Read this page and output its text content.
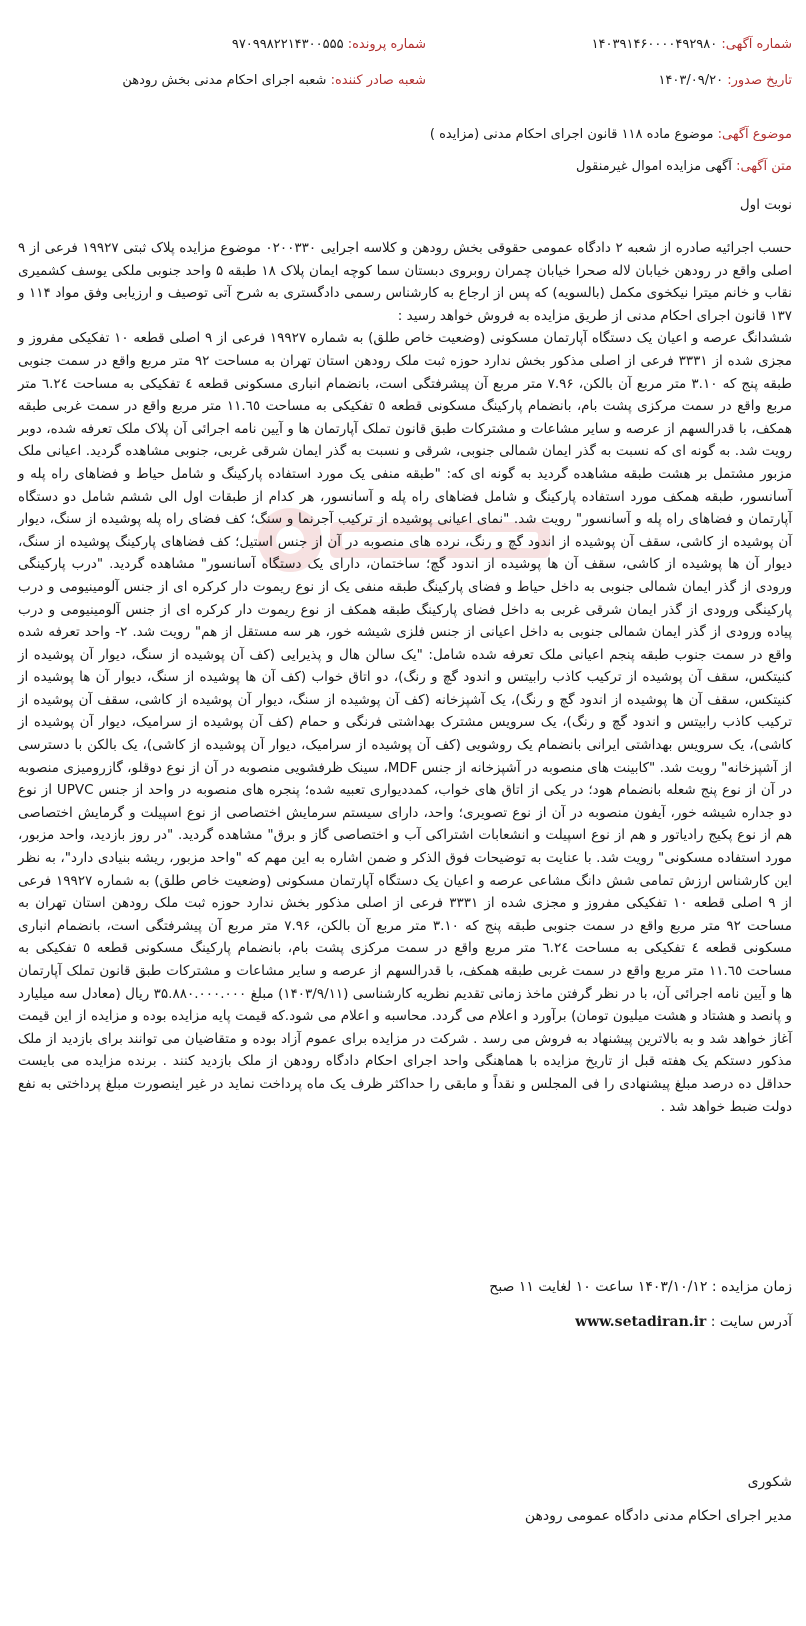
شماره آگهی: ۱۴۰۳۹۱۴۶۰۰۰۰۴۹۲۹۸۰
شماره پرونده: ۹۷۰۹۹۸۲۲۱۴۳۰۰۵۵۵
تاریخ صدور: ۱۴۰۳/۰۹/۲۰
شعبه صادر کننده: شعبه اجرای احکام مدنی بخش رودهن
موضوع آگهی: موضوع ماده ۱۱۸ قانون اجرای احکام مدنی (مزایده )
متن آگهی: آگهی مزایده اموال غیرمنقول
نوبت اول

حسب اجرائیه صادره از شعبه ۲ دادگاه عمومی حقوقی بخش رودهن و کلاسه اجرایی ۰۲۰۰۳۳۰ موضوع مزایده پلاک ثبتی ۱۹۹۲۷ فرعی از ۹ اصلی واقع در رودهن خیابان لاله صحرا خیابان چمران روبروی دبستان سما کوچه ایمان پلاک ۱۸ طبقه ۵ واحد جنوبی ملکی یوسف کشمیری نقاب و خانم میترا نیکخوی مکمل (بالسویه) که پس از ارجاع به کارشناس رسمی دادگستری به شرح آتی توصیف و ارزیابی وفق مواد ۱۱۴ و ۱۳۷ قانون اجرای احکام مدنی از طریق مزایده به فروش خواهد رسید :

ششدانگ عرصه و اعیان یک دستگاه آپارتمان مسکونی (وضعیت خاص طلق) به شماره ۱۹۹۲۷ فرعی از ۹ اصلی قطعه ۱۰ تفکیکی مفروز و مجزی شده از ۳۳۳۱ فرعی از اصلی مذکور بخش ندارد حوزه ثبت ملک رودهن استان تهران به مساحت ۹۲ متر مربع واقع در سمت جنوبی طبقه پنج که ۳.۱۰ متر مربع آن بالکن، ۷.۹۶ متر مربع آن پیشرفتگی است، بانضمام انباری مسکونی قطعه ٤ تفکیکی به مساحت ٦.۲٤ متر مربع واقع در سمت مرکزی پشت بام، بانضمام پارکینگ مسکونی قطعه ٥ تفکیکی به مساحت ۱۱.٦٥ متر مربع واقع در سمت غربی طبقه همکف، با قدرالسهم از عرصه و سایر مشاعات و مشترکات طبق قانون تملک آپارتمان ها و آیین نامه اجرائی آن پلاک ملک تعرفه شده، دوبر رویت شد. به گونه ای که نسبت به گذر ایمان شمالی جنوبی، شرقی و نسبت به گذر ایمان شرقی غربی، جنوبی مشاهده گردید. اعیانی ملک مزبور مشتمل بر هشت طبقه مشاهده گردید به گونه ای که: "طبقه منفی یک مورد استفاده پارکینگ و شامل حیاط و فضاهای راه پله و آسانسور، طبقه همکف مورد استفاده پارکینگ و شامل فضاهای راه پله و آسانسور، هر کدام از طبقات اول الی ششم شامل دو دستگاه آپارتمان و فضاهای راه پله و آسانسور" رویت شد. "نمای اعیانی پوشیده از ترکیب آجرنما و سنگ؛ کف فضای راه پله پوشیده از سنگ، دیوار آن پوشیده از کاشی، سقف آن پوشیده از اندود گچ و رنگ، نرده های منصوبه در آن از جنس استیل؛ کف فضاهای پارکینگ پوشیده از سنگ، دیوار آن ها پوشیده از کاشی، سقف آن ها پوشیده از اندود گچ؛ ساختمان، دارای یک دستگاه آسانسور" مشاهده گردید. "درب پارکینگی ورودی از گذر ایمان شمالی جنوبی به داخل حیاط و فضای پارکینگ طبقه منفی یک از نوع ریموت دار کرکره ای از جنس آلومینیومی و درب پارکینگی ورودی از گذر ایمان شرقی غربی به داخل فضای پارکینگ طبقه همکف از نوع ریموت دار کرکره ای از جنس آلومینیومی و درب پیاده ورودی از گذر ایمان شمالی جنوبی به داخل اعیانی از جنس فلزی شیشه خور، هر سه مستقل از هم" رویت شد. ۲- واحد تعرفه شده واقع در سمت جنوب طبقه پنجم اعیانی ملک تعرفه شده شامل: "یک سالن هال و پذیرایی (کف آن پوشیده از سنگ، دیوار آن پوشیده از کنیتکس، سقف آن پوشیده از ترکیب کاذب رابیتس و اندود گچ و رنگ)، دو اتاق خواب (کف آن ها پوشیده از سنگ، دیوار آن ها پوشیده از کنیتکس، سقف آن ها پوشیده از اندود گچ و رنگ)، یک آشپزخانه (کف آن پوشیده از سنگ، دیوار آن پوشیده از کاشی، سقف آن پوشیده از ترکیب کاذب رابیتس و اندود گچ و رنگ)، یک سرویس مشترک بهداشتی فرنگی و حمام (کف آن پوشیده از سرامیک، دیوار آن پوشیده از کاشی)، یک سرویس بهداشتی ایرانی بانضمام یک روشویی (کف آن پوشیده از سرامیک، دیوار آن پوشیده از کاشی)، یک بالکن با دسترسی از آشپزخانه" رویت شد. "کابینت های منصوبه در آشپزخانه از جنس MDF، سینک ظرفشویی منصوبه در آن از نوع دوقلو، گازرومیزی منصوبه در آن از نوع پنج شعله بانضمام هود؛ در یکی از اتاق های خواب، کمددیواری تعبیه شده؛ پنجره های منصوبه در واحد از جنس UPVC از نوع دو جداره شیشه خور، آیفون منصوبه در آن از نوع تصویری؛ واحد، دارای سیستم سرمایش اختصاصی از نوع اسپیلت و گرمایش اختصاصی هم از نوع پکیج رادیاتور و هم از نوع اسپیلت و انشعابات اشتراکی آب و اختصاصی گاز و برق" مشاهده گردید. "در روز بازدید، واحد مزبور، مورد استفاده مسکونی" رویت شد. با عنایت به توضیحات فوق الذکر و ضمن اشاره به این مهم که "واحد مزبور، ریشه بنیادی دارد"، به نظر این کارشناس ارزش تمامی شش دانگ مشاعی عرصه و اعیان یک دستگاه آپارتمان مسکونی (وضعیت خاص طلق) به شماره ۱۹۹۲۷ فرعی از ۹ اصلی قطعه ۱۰ تفکیکی مفروز و مجزی شده از ۳۳۳۱ فرعی از اصلی مذکور بخش ندارد حوزه ثبت ملک رودهن استان تهران به مساحت ۹۲ متر مربع واقع در سمت جنوبی طبقه پنج که ۳.۱۰ متر مربع آن بالکن، ۷.۹۶ متر مربع آن پیشرفتگی است، بانضمام انباری مسکونی قطعه ٤ تفکیکی به مساحت ٦.۲٤ متر مربع واقع در سمت مرکزی پشت بام، بانضمام پارکینگ مسکونی قطعه ٥ تفکیکی به مساحت ۱۱.٦٥ متر مربع واقع در سمت غربی طبقه همکف، با قدرالسهم از عرصه و سایر مشاعات و مشترکات طبق قانون تملک آپارتمان ها و آیین نامه اجرائی آن، با در نظر گرفتن ماخذ زمانی تقدیم نظریه کارشناسی (۱۴۰۳/۹/۱۱) مبلغ ۳۵.۸۸۰.۰۰۰.۰۰۰ ریال (معادل سه میلیارد و پانصد و هشتاد و هشت میلیون تومان) برآورد و اعلام می گردد. محاسبه و اعلام می شود.که قیمت پایه مزایده بوده و مزایده از این قیمت آغاز خواهد شد و به بالاترین پیشنهاد به فروش می رسد . شرکت در مزایده برای عموم آزاد بوده و متقاضیان می توانند برای بازدید از ملک مذکور دستکم یک هفته قبل از تاریخ مزایده با هماهنگی واحد اجرای احکام دادگاه رودهن از ملک بازدید کنند . برنده مزایده می بایست حداقل ده درصد مبلغ پیشنهادی را فی المجلس و نقداً و مابقی را حداکثر ظرف یک ماه پرداخت نماید در غیر اینصورت مبلغ پرداختی به نفع دولت ضبط خواهد شد .

زمان مزایده : ۱۴۰۳/۱۰/۱۲ ساعت ۱۰ لغایت ۱۱ صبح
آدرس سایت : www.setadiran.ir
شکوری
مدیر اجرای احکام مدنی دادگاه عمومی رودهن
